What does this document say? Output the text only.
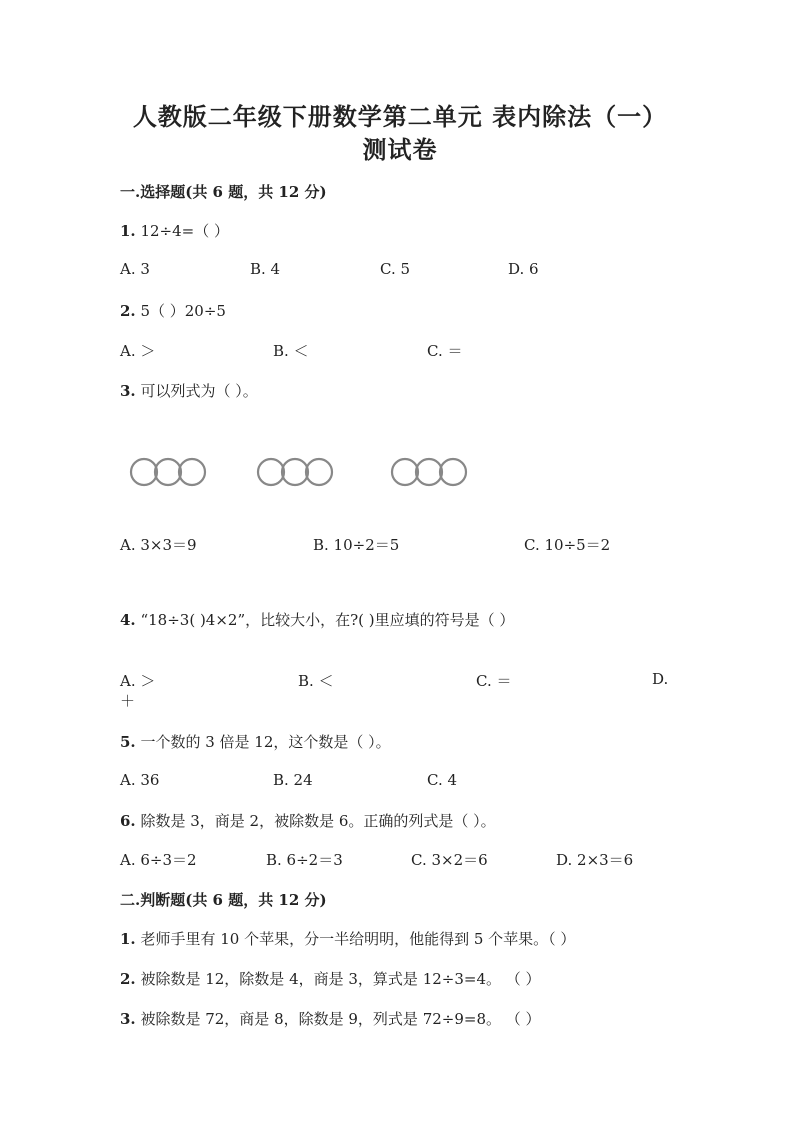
人教版二年级下册数学第二单元 表内除法（一）
测试卷
一.选择题(共 6 题，共 12 分)
1. 12÷4=（ ）
A. 3	B. 4	C. 5	D. 6
2. 5（ ）20÷5
A. ＞	B. ＜	C. ＝
3. 可以列式为（ ）。
A. 3×3＝9	B. 10÷2＝5	C. 10÷5＝2
4. “18÷3( )4×2”，比较大小，在?( )里应填的符号是（ ）
A. ＞	B. ＜	C. ＝	D.
＋
5. 一个数的 3 倍是 12，这个数是（ ）。
A. 36	B. 24	C. 4
6. 除数是 3，商是 2，被除数是 6。正确的列式是（ ）。
A. 6÷3＝2	B. 6÷2＝3	C. 3×2＝6	D. 2×3＝6
二.判断题(共 6 题，共 12 分)
1. 老师手里有 10 个苹果，分一半给明明，他能得到 5 个苹果。（ ）
2. 被除数是 12，除数是 4，商是 3，算式是 12÷3=4。 （ ）
3. 被除数是 72，商是 8，除数是 9，列式是 72÷9=8。 （ ）
